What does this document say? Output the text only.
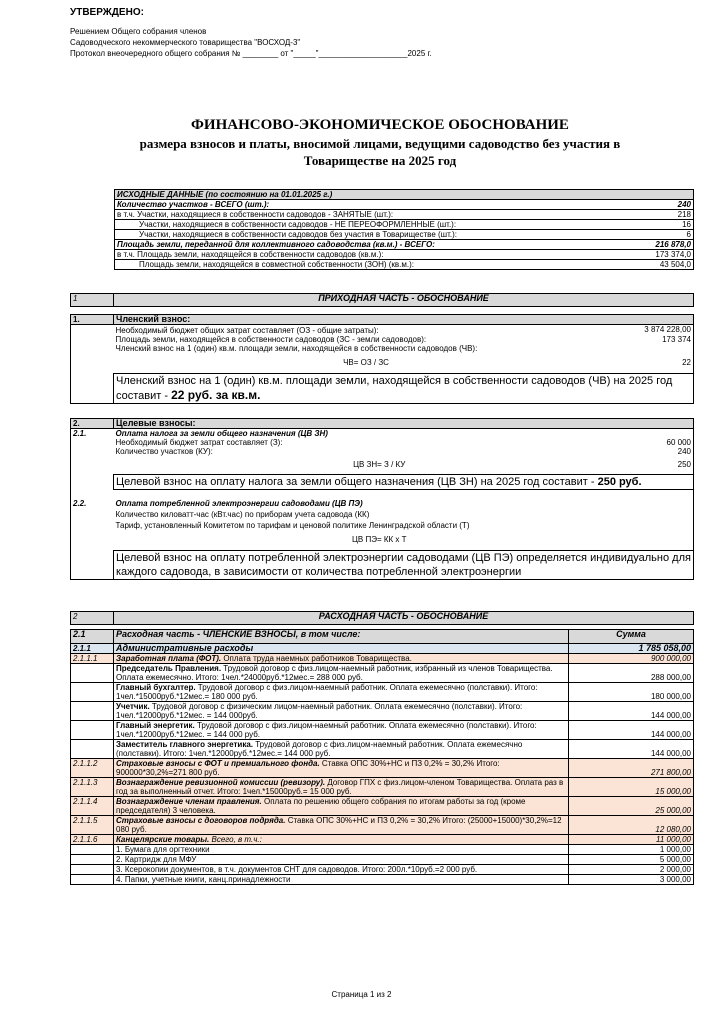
УТВЕРЖДЕНО:
Решением Общего собрания членов
Садоводческого некоммерческого товарищества "ВОСХОД-3"
Протокол внеочередного общего собрания № ________ от "_____"____________________2025 г.
ФИНАНСОВО-ЭКОНОМИЧЕСКОЕ ОБОСНОВАНИЕ
размера взносов и платы, вносимой лицами, ведущими садоводство без участия в
Товариществе на 2025 год
ИСХОДНЫЕ ДАННЫЕ (по состоянию на 01.01.2025 г.)	
Количество участков - ВСЕГО (шт.):	240
в т.ч. Участки, находящиеся в собственности садоводов - ЗАНЯТЫЕ (шт.):	218
Участки, находящиеся в собственности садоводов - НЕ ПЕРЕОФОРМЛЕННЫЕ (шт.):	16
Участки, находящиеся в собственности садоводов без участия в Товариществе (шт.):	6
Площадь земли, переданной для коллективного садоводства (кв.м.) - ВСЕГО:	216 878,0
в т.ч. Площадь земли, находящейся в собственности садоводов (кв.м.):	173 374,0
Площадь земли, находящейся в совместной собственности (ЗОН) (кв.м.):	43 504,0
1	ПРИХОДНАЯ ЧАСТЬ - ОБОСНОВАНИЕ
1.	Членский взнос:	
	Необходимый бюджет общих затрат составляет (ОЗ - общие затраты):	3 874 228,00
	Площадь земли, находящейся в собственности садоводов (ЗС - земли садоводов):	173 374
	Членский взнос на 1 (один) кв.м. площади земли, находящейся в собственности садоводов (ЧВ):	
	ЧВ= ОЗ / ЗС	22
	Членский взнос на 1 (один) кв.м. площади земли, находящейся в собственности садоводов (ЧВ) на 2025 год составит - 22 руб. за кв.м.	
2.	Целевые взносы:	
2.1.	Оплата налога за земли общего назначения (ЦВ ЗН)	
	Необходимый бюджет затрат составляет (З):	60 000
	Количество участков (КУ):	240
	ЦВ ЗН= З / КУ	250
	Целевой взнос на оплату налога за земли общего назначения (ЦВ ЗН) на 2025 год составит - 250 руб.	

2.2.	Оплата потребленной электроэнергии садоводами (ЦВ ПЭ)	
	Количество киловатт-час (кВт.час) по приборам учета садовода (КК)	
	Тариф, установленный Комитетом по тарифам и ценовой политике Ленинградской области (Т)	
	ЦВ ПЭ= КК х Т	
	Целевой взнос на оплату потребленной электроэнергии садоводами (ЦВ ПЭ) определяется индивидуально для каждого садовода, в зависимости от количества потребленной электроэнергии	
2	РАСХОДНАЯ ЧАСТЬ - ОБОСНОВАНИЕ
2.1	Расходная часть - ЧЛЕНСКИЕ ВЗНОСЫ, в том числе:	Сумма
2.1.1	Административные расходы	1 785 058,00
2.1.1.1	Заработная плата (ФОТ). Оплата труда наемных работников Товарищества.	900 000,00
	Председатель Правления. Трудовой договор с физ.лицом-наемный работник, избранный из членов Товарищества. Оплата ежемесячно. Итого: 1чел.*24000руб.*12мес.= 288 000 руб.	288 000,00
	Главный бухгалтер. Трудовой договор с физ.лицом-наемный работник. Оплата ежемесячно (полставки). Итого: 1чел.*15000руб.*12мес.= 180 000 руб.	180 000,00
	Учетчик. Трудовой договор с физическим лицом-наемный работник. Оплата ежемесячно (полставки). Итого: 1чел.*12000руб.*12мес. = 144 000руб.	144 000,00
	Главный энергетик. Трудовой договор с физ.лицом-наемный работник. Оплата ежемесячно (полставки). Итого: 1чел.*12000руб.*12мес. = 144 000 руб.	144 000,00
	Заместитель главного энергетика. Трудовой договор с физ.лицом-наемный работник. Оплата ежемесячно (полставки). Итого: 1чел.*12000руб.*12мес.= 144 000 руб.	144 000,00
2.1.1.2	Страховые взносы с ФОТ и премиального фонда. Ставка ОПС 30%+НС и ПЗ 0,2% = 30,2% Итого: 900000*30,2%=271 800 руб.	271 800,00
2.1.1.3	Вознаграждение ревизионной комиссии (ревизору). Договор ГПХ с физ.лицом-членом Товарищества. Оплата раз в год за выполненный отчет. Итого: 1чел.*15000руб.= 15 000 руб.	15 000,00
2.1.1.4	Вознаграждение членам правления. Оплата по решению общего собрания по итогам работы за год (кроме председателя) 3 человека.	25 000,00
2.1.1.5	Страховые взносы с договоров подряда. Ставка ОПС 30%+НС и ПЗ 0,2% = 30,2% Итого: (25000+15000)*30,2%=12 080 руб.	12 080,00
2.1.1.6	Канцелярские товары. Всего, в т.ч.:	11 000,00
	1. Бумага для оргтехники	1 000,00
	2. Картридж для МФУ	5 000,00
	3. Ксерокопии документов, в т.ч. документов СНТ для садоводов. Итого: 200л.*10руб.=2 000 руб.	2 000,00
	4. Папки, учетные книги, канц.принадлежности	3 000,00
Страница 1 из 2
